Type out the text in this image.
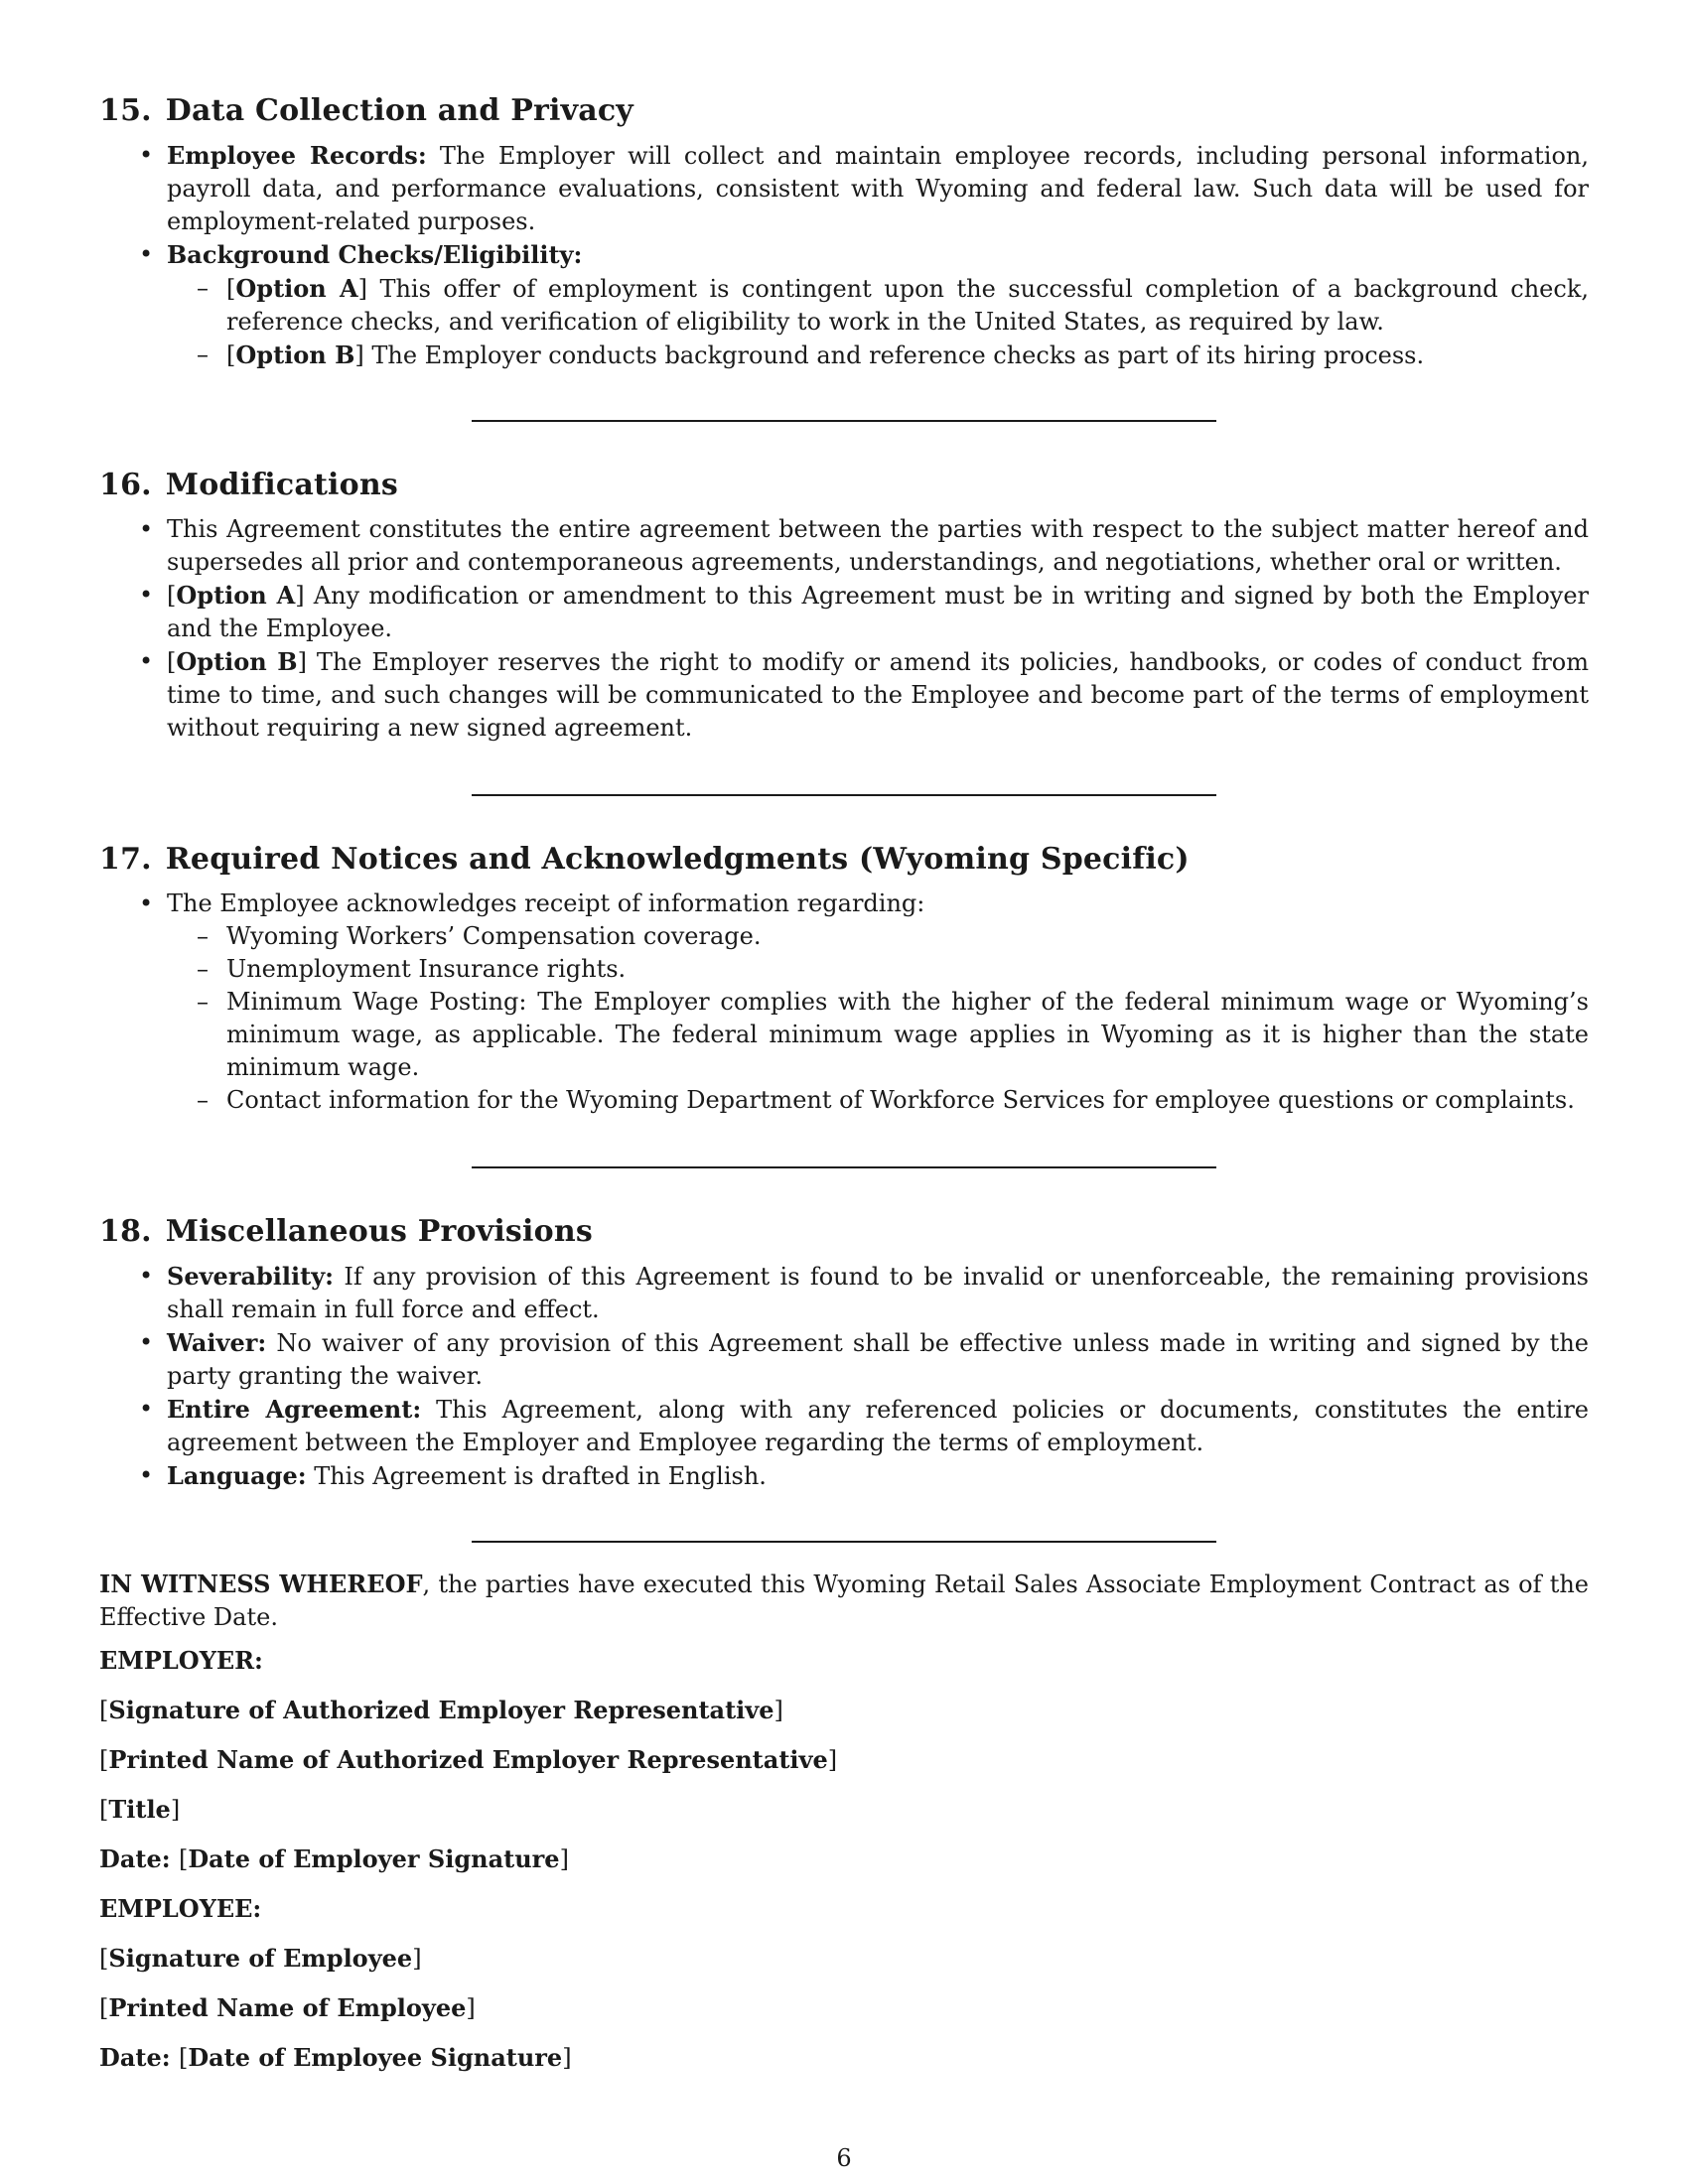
15. Data Collection and Privacy
• Employee Records: The Employer will collect and maintain employee records, including personal information, payroll data, and performance evaluations, consistent with Wyoming and federal law. Such data will be used for employment-related purposes.
• Background Checks/Eligibility:
– [Option A] This offer of employment is contingent upon the successful completion of a background check, reference checks, and verification of eligibility to work in the United States, as required by law.
– [Option B] The Employer conducts background and reference checks as part of its hiring process.
16. Modifications
• This Agreement constitutes the entire agreement between the parties with respect to the subject matter hereof and supersedes all prior and contemporaneous agreements, understandings, and negotiations, whether oral or written.
• [Option A] Any modification or amendment to this Agreement must be in writing and signed by both the Employer and the Employee.
• [Option B] The Employer reserves the right to modify or amend its policies, handbooks, or codes of conduct from time to time, and such changes will be communicated to the Employee and become part of the terms of employment without requiring a new signed agreement.
17. Required Notices and Acknowledgments (Wyoming Specific)
• The Employee acknowledges receipt of information regarding:
– Wyoming Workers’ Compensation coverage.
– Unemployment Insurance rights.
– Minimum Wage Posting: The Employer complies with the higher of the federal minimum wage or Wyoming’s minimum wage, as applicable. The federal minimum wage applies in Wyoming as it is higher than the state minimum wage.
– Contact information for the Wyoming Department of Workforce Services for employee questions or complaints.
18. Miscellaneous Provisions
• Severability: If any provision of this Agreement is found to be invalid or unenforceable, the remaining provisions shall remain in full force and effect.
• Waiver: No waiver of any provision of this Agreement shall be effective unless made in writing and signed by the party granting the waiver.
• Entire Agreement: This Agreement, along with any referenced policies or documents, constitutes the entire agreement between the Employer and Employee regarding the terms of employment.
• Language: This Agreement is drafted in English.

IN WITNESS WHEREOF, the parties have executed this Wyoming Retail Sales Associate Employment Contract as of the Effective Date.

EMPLOYER:

[Signature of Authorized Employer Representative]

[Printed Name of Authorized Employer Representative]

[Title]

Date: [Date of Employer Signature]

EMPLOYEE:

[Signature of Employee]

[Printed Name of Employee]

Date: [Date of Employee Signature]

6
